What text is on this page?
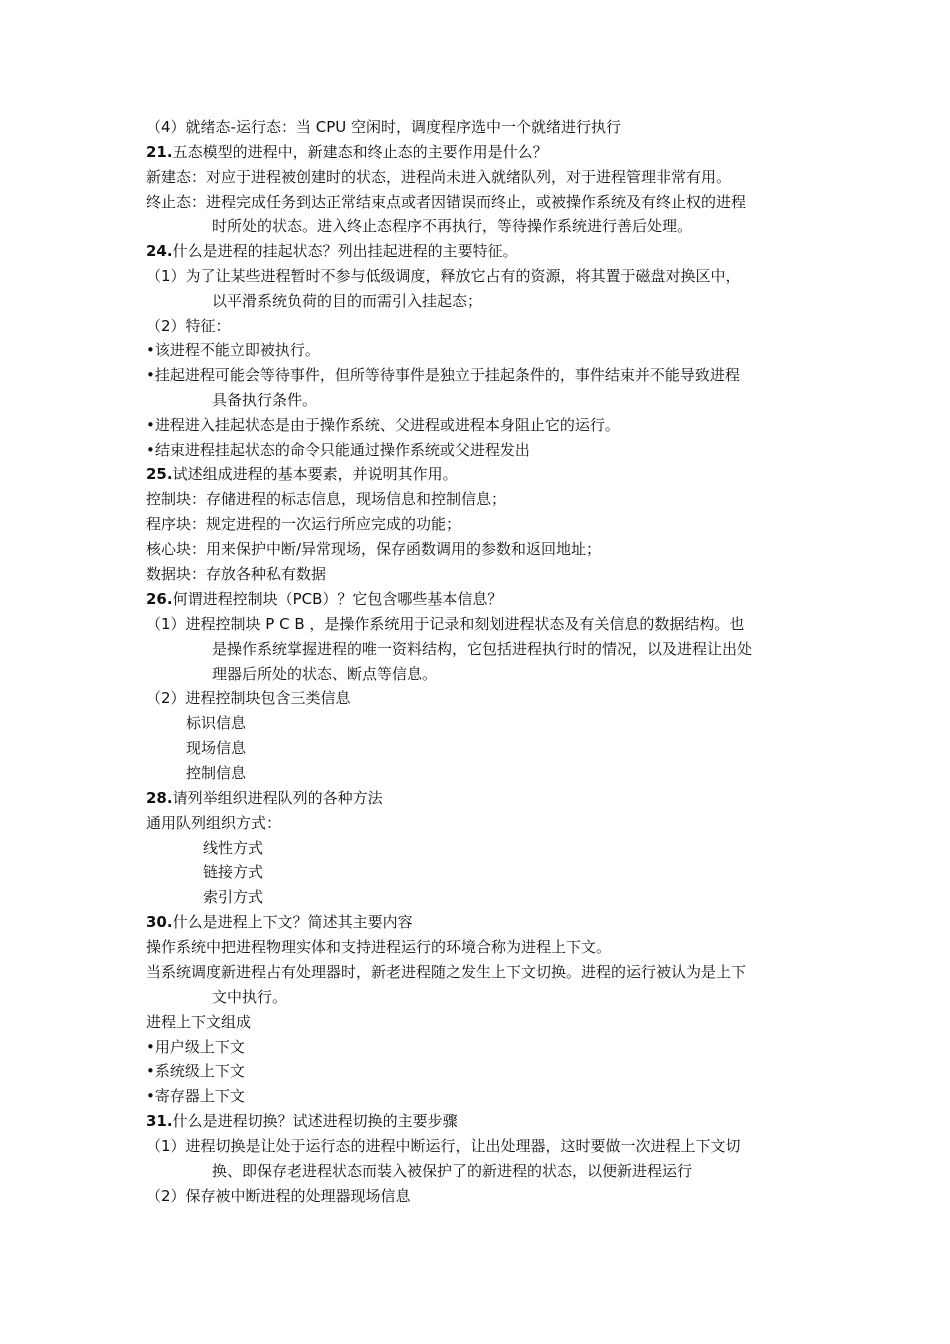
（4）就绪态-运行态：当 CPU 空闲时，调度程序选中一个就绪进行执行
21.五态模型的进程中，新建态和终止态的主要作用是什么？
新建态：对应于进程被创建时的状态，进程尚未进入就绪队列，对于进程管理非常有用。
终止态：进程完成任务到达正常结束点或者因错误而终止，或被操作系统及有终止权的进程
时所处的状态。进入终止态程序不再执行，等待操作系统进行善后处理。
24.什么是进程的挂起状态？列出挂起进程的主要特征。
（1）为了让某些进程暂时不参与低级调度，释放它占有的资源，将其置于磁盘对换区中，
以平滑系统负荷的目的而需引入挂起态；
（2）特征：
•该进程不能立即被执行。
•挂起进程可能会等待事件，但所等待事件是独立于挂起条件的，事件结束并不能导致进程
具备执行条件。
•进程进入挂起状态是由于操作系统、父进程或进程本身阻止它的运行。
•结束进程挂起状态的命令只能通过操作系统或父进程发出
25.试述组成进程的基本要素，并说明其作用。
控制块：存储进程的标志信息，现场信息和控制信息；
程序块：规定进程的一次运行所应完成的功能；
核心块：用来保护中断/异常现场，保存函数调用的参数和返回地址；
数据块：存放各种私有数据
26.何谓进程控制块（PCB）？它包含哪些基本信息？
（1）进程控制块 P C B ，是操作系统用于记录和刻划进程状态及有关信息的数据结构。也
是操作系统掌握进程的唯一资料结构，它包括进程执行时的情况，以及进程让出处
理器后所处的状态、断点等信息。
（2）进程控制块包含三类信息
标识信息
现场信息
控制信息
28.请列举组织进程队列的各种方法
通用队列组织方式：
线性方式
链接方式
索引方式
30.什么是进程上下文？简述其主要内容
操作系统中把进程物理实体和支持进程运行的环境合称为进程上下文。
当系统调度新进程占有处理器时，新老进程随之发生上下文切换。进程的运行被认为是上下
文中执行。
进程上下文组成
•用户级上下文
•系统级上下文
•寄存器上下文
31.什么是进程切换？试述进程切换的主要步骤
（1）进程切换是让处于运行态的进程中断运行，让出处理器，这时要做一次进程上下文切
换、即保存老进程状态而装入被保护了的新进程的状态，以便新进程运行
（2）保存被中断进程的处理器现场信息
